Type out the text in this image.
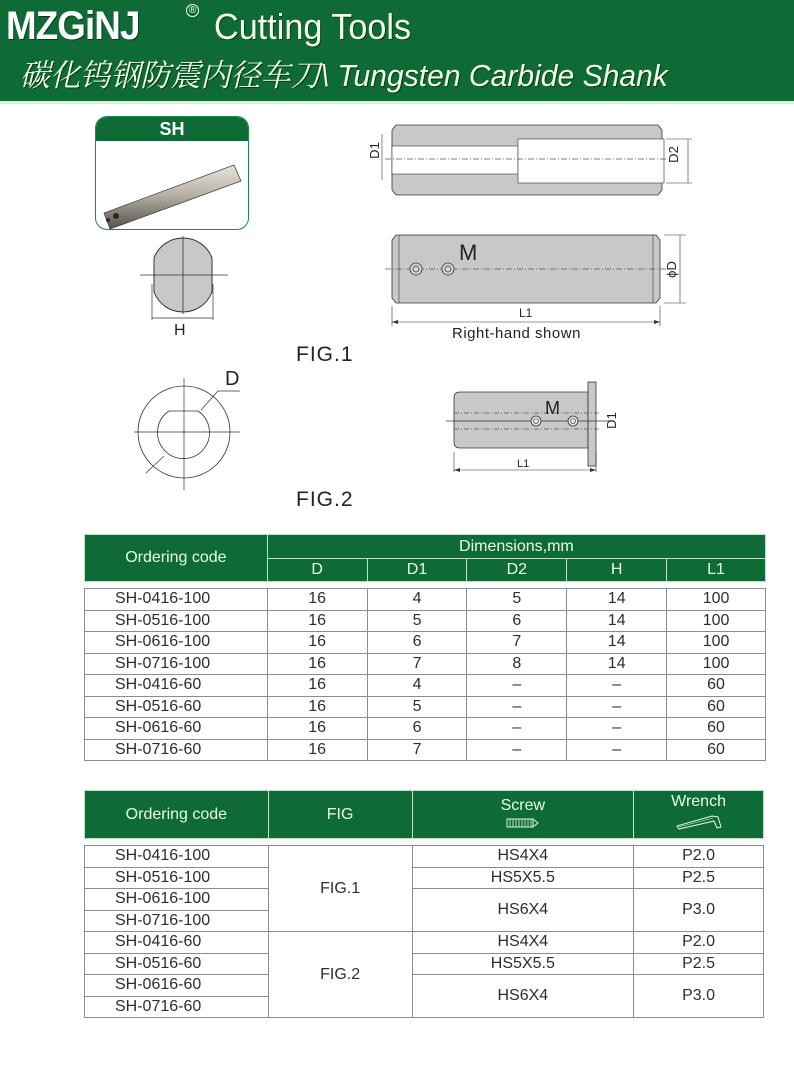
MZGiNJ	® Cutting Tools
碳化钨钢防震内径车刀\ Tungsten Carbide Shank
SH
H
D1	D2
M
ϕD
L1
Right-hand shown
FIG.1
D
M
D1
L1
FIG.2
Ordering code	Dimensions,mm				
	D	D1	D2	H	L1

SH-0416-100	16	4	5	14	100
SH-0516-100	16	5	6	14	100
SH-0616-100	16	6	7	14	100
SH-0716-100	16	7	8	14	100
SH-0416-60	16	4	–	–	60
SH-0516-60	16	5	–	–	60
SH-0616-60	16	6	–	–	60
SH-0716-60	16	7	–	–	60
Ordering code	FIG	Screw	Wrench

SH-0416-100	FIG.1	HS4X4	P2.0
SH-0516-100		HS5X5.5	P2.5
SH-0616-100		HS6X4	P3.0
SH-0716-100			
SH-0416-60	FIG.2	HS4X4	P2.0
SH-0516-60		HS5X5.5	P2.5
SH-0616-60		HS6X4	P3.0
SH-0716-60			
